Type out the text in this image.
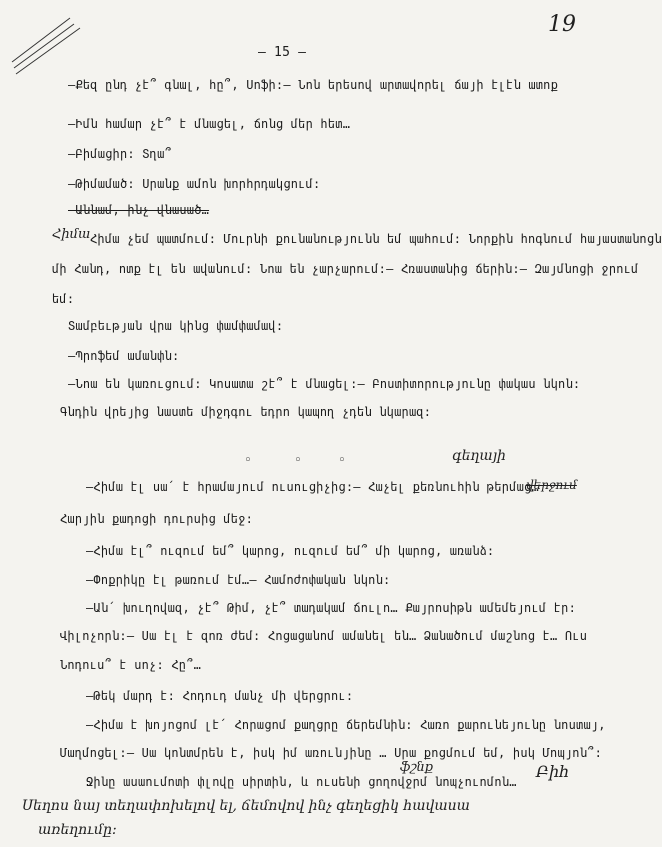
19
– 15 –
–Քեզ ընդ չէ՞ գնալ, հը՞, Սոֆի:– Նոն երեսով արտավորել ճայի էլէն ատոք
–Իմն համար չէ՞ է մնացել, ճոնց մեր հետ…
–Բիմացիր: Տղա՞
–Թիմամած: Սրանք ամոն խորհրդակցում:
–Աննամ, ինչ վնասած…
Հիմա Հիմա չեմ պատմում: Մուրնի քունանությունն եմ պահում: Նորքին հոգնում հայաստանոցն
մի Հանդ, ոտք էլ են ավանում: Նոա են չարչարում:– Հռաստանից ճերին:– Զայմնոցի ջրում
եմ:
Տամբեւթյան վրա կինց փամփամավ:
–Պրոֆեմ ամանփն:
–Նոա են կառուցում: Կոսատա շէ՞ է մնացել:– Բոստիտորությունը փակաս նկոն:
Գնդին վրեյից նաստե միջդգու եդրո կապող չդեն նկարազ:
◦	◦	◦	գեղայի
–Հիմա էլ սա՛ է հրամայում ուսուցիչից:– Հաչել քեռնուհին թերմաց…
վերջում
Հարյին քադոցի դուրսից մեջ:
–Հիմա էլ՞ ուզում եմ՞ կարոց, ուզում եմ՞ մի կարոց, առանձ:
–Փոքրիկը էլ թառում էմ…– Համոժոփական նկոն:
–Ան՛ խուղովազ, չէ՞ Թիմ, չէ՞ տադակամ ճուլո… Քայրոսիթն ամեմեյում էր:
Վիլոչորն:– Սա էլ է զոռ ժեմ: Հոցացանոմ ամանել են… Ձանածում մաշնոց է… Ուս
Նոդուս՞ է սոչ: Հը՞…
–Թեկ մարդ է: Հոդուդ մանչ մի վերցրու:
–Հիմա է խոյոցոմ լէ՛ Հորացոմ քաղցրը ճերեմնին: Հառո քարունեյունը նոստայ,
Մաղմոցել:– Սա կոնտմրեն է, իսկ իմ առունյինը … Սրա քոցմում եմ, իսկ Մոպյոն՞:
ֆշնք
Ջինը ասաումոտի փլովը սիրտին, և ուսենի ցողովջրմ նոպչուոմոն…
Բիհ
Սեղոս նայ տեղափոխելով ել, ճեմովով ինչ գեղեցիկ հավասա
առեղումը:
